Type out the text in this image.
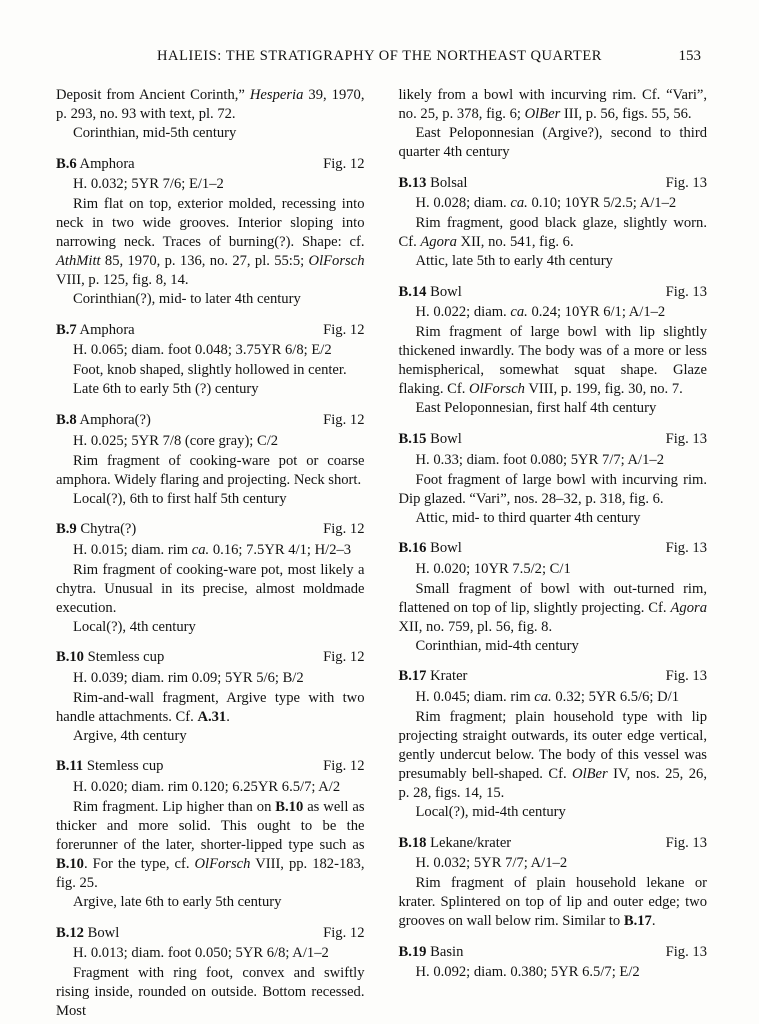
HALIEIS: THE STRATIGRAPHY OF THE NORTHEAST QUARTER	153

Deposit from Ancient Corinth,” Hesperia 39, 1970, p. 293, no. 93 with text, pl. 72.

Corinthian, mid-5th century

B.6 Amphora	Fig. 12

H. 0.032; 5YR 7/6; E/1–2

Rim flat on top, exterior molded, recessing into neck in two wide grooves. Interior sloping into narrowing neck. Traces of burning(?). Shape: cf. AthMitt 85, 1970, p. 136, no. 27, pl. 55:5; OlForsch VIII, p. 125, fig. 8, 14.

Corinthian(?), mid- to later 4th century

B.7 Amphora	Fig. 12

H. 0.065; diam. foot 0.048; 3.75YR 6/8; E/2

Foot, knob shaped, slightly hollowed in center.

Late 6th to early 5th (?) century

B.8 Amphora(?)	Fig. 12

H. 0.025; 5YR 7/8 (core gray); C/2

Rim fragment of cooking-ware pot or coarse amphora. Widely flaring and projecting. Neck short.

Local(?), 6th to first half 5th century

B.9 Chytra(?)	Fig. 12

H. 0.015; diam. rim ca. 0.16; 7.5YR 4/1; H/2–3

Rim fragment of cooking-ware pot, most likely a chytra. Unusual in its precise, almost moldmade execution.

Local(?), 4th century

B.10 Stemless cup	Fig. 12

H. 0.039; diam. rim 0.09; 5YR 5/6; B/2

Rim-and-wall fragment, Argive type with two handle attachments. Cf. A.31.

Argive, 4th century

B.11 Stemless cup	Fig. 12

H. 0.020; diam. rim 0.120; 6.25YR 6.5/7; A/2

Rim fragment. Lip higher than on B.10 as well as thicker and more solid. This ought to be the forerunner of the later, shorter-lipped type such as B.10. For the type, cf. OlForsch VIII, pp. 182-183, fig. 25.

Argive, late 6th to early 5th century

B.12 Bowl	Fig. 12

H. 0.013; diam. foot 0.050; 5YR 6/8; A/1–2

Fragment with ring foot, convex and swiftly rising inside, rounded on outside. Bottom recessed. Most

likely from a bowl with incurving rim. Cf. “Vari”, no. 25, p. 378, fig. 6; OlBer III, p. 56, figs. 55, 56.

East Peloponnesian (Argive?), second to third quarter 4th century

B.13 Bolsal	Fig. 13

H. 0.028; diam. ca. 0.10; 10YR 5/2.5; A/1–2

Rim fragment, good black glaze, slightly worn. Cf. Agora XII, no. 541, fig. 6.

Attic, late 5th to early 4th century

B.14 Bowl	Fig. 13

H. 0.022; diam. ca. 0.24; 10YR 6/1; A/1–2

Rim fragment of large bowl with lip slightly thickened inwardly. The body was of a more or less hemispherical, somewhat squat shape. Glaze flaking. Cf. OlForsch VIII, p. 199, fig. 30, no. 7.

East Peloponnesian, first half 4th century

B.15 Bowl	Fig. 13

H. 0.33; diam. foot 0.080; 5YR 7/7; A/1–2

Foot fragment of large bowl with incurving rim. Dip glazed. “Vari”, nos. 28–32, p. 318, fig. 6.

Attic, mid- to third quarter 4th century

B.16 Bowl	Fig. 13

H. 0.020; 10YR 7.5/2; C/1

Small fragment of bowl with out-turned rim, flattened on top of lip, slightly projecting. Cf. Agora XII, no. 759, pl. 56, fig. 8.

Corinthian, mid-4th century

B.17 Krater	Fig. 13

H. 0.045; diam. rim ca. 0.32; 5YR 6.5/6; D/1

Rim fragment; plain household type with lip projecting straight outwards, its outer edge vertical, gently undercut below. The body of this vessel was presumably bell-shaped. Cf. OlBer IV, nos. 25, 26, p. 28, figs. 14, 15.

Local(?), mid-4th century

B.18 Lekane/krater	Fig. 13

H. 0.032; 5YR 7/7; A/1–2

Rim fragment of plain household lekane or krater. Splintered on top of lip and outer edge; two grooves on wall below rim. Similar to B.17.

B.19 Basin	Fig. 13

H. 0.092; diam. 0.380; 5YR 6.5/7; E/2
